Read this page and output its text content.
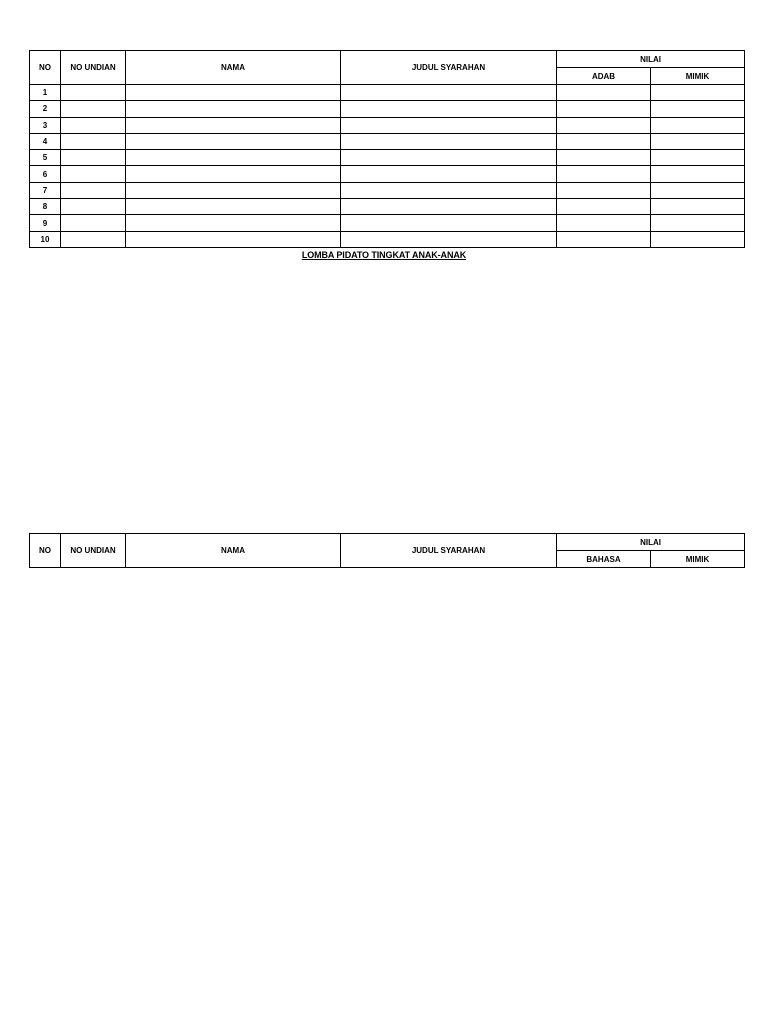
NO	NO UNDIAN	NAMA	JUDUL SYARAHAN	NILAI	
				ADAB	MIMIK
1					
2					
3					
4					
5					
6					
7					
8					
9					
10					
LOMBA PIDATO TINGKAT ANAK-ANAK
NO	NO UNDIAN	NAMA	JUDUL SYARAHAN	NILAI	
				BAHASA	MIMIK
